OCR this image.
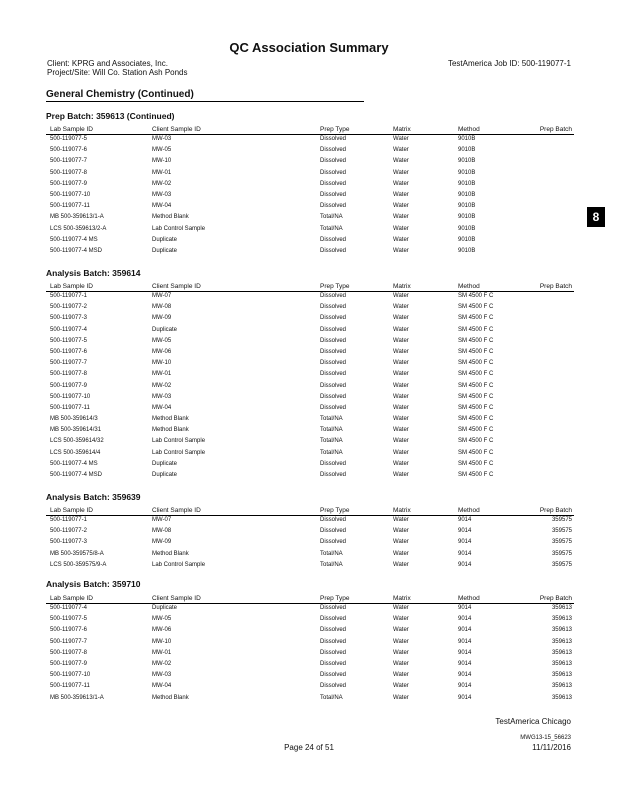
QC Association Summary
Client: KPRG and Associates, Inc.
Project/Site: Will Co. Station Ash Ponds
TestAmerica Job ID: 500-119077-1
General Chemistry (Continued)
8
Prep Batch: 359613 (Continued)
Lab Sample ID	Client Sample ID	Prep Type	Matrix	Method	Prep Batch
500-119077-5	MW-03	Dissolved	Water	9010B
500-119077-6	MW-05	Dissolved	Water	9010B
500-119077-7	MW-10	Dissolved	Water	9010B
500-119077-8	MW-01	Dissolved	Water	9010B
500-119077-9	MW-02	Dissolved	Water	9010B
500-119077-10	MW-03	Dissolved	Water	9010B
500-119077-11	MW-04	Dissolved	Water	9010B
MB 500-359613/1-A	Method Blank	Total/NA	Water	9010B
LCS 500-359613/2-A	Lab Control Sample	Total/NA	Water	9010B
500-119077-4 MS	Duplicate	Dissolved	Water	9010B
500-119077-4 MSD	Duplicate	Dissolved	Water	9010B
Analysis Batch: 359614
Lab Sample ID	Client Sample ID	Prep Type	Matrix	Method	Prep Batch
500-119077-1	MW-07	Dissolved	Water	SM 4500 F C
500-119077-2	MW-08	Dissolved	Water	SM 4500 F C
500-119077-3	MW-09	Dissolved	Water	SM 4500 F C
500-119077-4	Duplicate	Dissolved	Water	SM 4500 F C
500-119077-5	MW-05	Dissolved	Water	SM 4500 F C
500-119077-6	MW-06	Dissolved	Water	SM 4500 F C
500-119077-7	MW-10	Dissolved	Water	SM 4500 F C
500-119077-8	MW-01	Dissolved	Water	SM 4500 F C
500-119077-9	MW-02	Dissolved	Water	SM 4500 F C
500-119077-10	MW-03	Dissolved	Water	SM 4500 F C
500-119077-11	MW-04	Dissolved	Water	SM 4500 F C
MB 500-359614/3	Method Blank	Total/NA	Water	SM 4500 F C
MB 500-359614/31	Method Blank	Total/NA	Water	SM 4500 F C
LCS 500-359614/32	Lab Control Sample	Total/NA	Water	SM 4500 F C
LCS 500-359614/4	Lab Control Sample	Total/NA	Water	SM 4500 F C
500-119077-4 MS	Duplicate	Dissolved	Water	SM 4500 F C
500-119077-4 MSD	Duplicate	Dissolved	Water	SM 4500 F C
Analysis Batch: 359639
Lab Sample ID	Client Sample ID	Prep Type	Matrix	Method	Prep Batch
500-119077-1	MW-07	Dissolved	Water	9014	359575
500-119077-2	MW-08	Dissolved	Water	9014	359575
500-119077-3	MW-09	Dissolved	Water	9014	359575
MB 500-359575/8-A	Method Blank	Total/NA	Water	9014	359575
LCS 500-359575/9-A	Lab Control Sample	Total/NA	Water	9014	359575
Analysis Batch: 359710
Lab Sample ID	Client Sample ID	Prep Type	Matrix	Method	Prep Batch
500-119077-4	Duplicate	Dissolved	Water	9014	359613
500-119077-5	MW-05	Dissolved	Water	9014	359613
500-119077-6	MW-06	Dissolved	Water	9014	359613
500-119077-7	MW-10	Dissolved	Water	9014	359613
500-119077-8	MW-01	Dissolved	Water	9014	359613
500-119077-9	MW-02	Dissolved	Water	9014	359613
500-119077-10	MW-03	Dissolved	Water	9014	359613
500-119077-11	MW-04	Dissolved	Water	9014	359613
MB 500-359613/1-A	Method Blank	Total/NA	Water	9014	359613
TestAmerica Chicago
MWG13-15_56623
Page 24 of 51	11/11/2016
